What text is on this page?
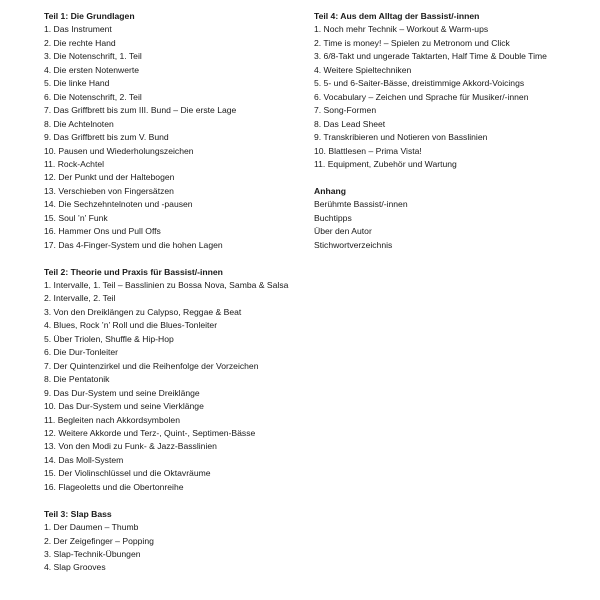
Teil 1: Die Grundlagen
1. Das Instrument
2. Die rechte Hand
3. Die Notenschrift, 1. Teil
4. Die ersten Notenwerte
5. Die linke Hand
6. Die Notenschrift, 2. Teil
7. Das Griffbrett bis zum III. Bund – Die erste Lage
8. Die Achtelnoten
9. Das Griffbrett bis zum V. Bund
10. Pausen und Wiederholungszeichen
11. Rock-Achtel
12. Der Punkt und der Haltebogen
13. Verschieben von Fingersätzen
14. Die Sechzehntelnoten und -pausen
15. Soul ’n’ Funk
16. Hammer Ons und Pull Offs
17. Das 4-Finger-System und die hohen Lagen
Teil 2: Theorie und Praxis für Bassist/-innen
1. Intervalle, 1. Teil – Basslinien zu Bossa Nova, Samba & Salsa
2. Intervalle, 2. Teil
3. Von den Dreiklängen zu Calypso, Reggae & Beat
4. Blues, Rock ’n’ Roll und die Blues-Tonleiter
5. Über Triolen, Shuffle & Hip-Hop
6. Die Dur-Tonleiter
7. Der Quintenzirkel und die Reihenfolge der Vorzeichen
8. Die Pentatonik
9. Das Dur-System und seine Dreiklänge
10. Das Dur-System und seine Vierklänge
11. Begleiten nach Akkordsymbolen
12. Weitere Akkorde und Terz-, Quint-, Septimen-Bässe
13. Von den Modi zu Funk- & Jazz-Basslinien
14. Das Moll-System
15. Der Violinschlüssel und die Oktavräume
16. Flageoletts und die Obertonreihe
Teil 3: Slap Bass
1. Der Daumen – Thumb
2. Der Zeigefinger – Popping
3. Slap-Technik-Übungen
4. Slap Grooves
Teil 4: Aus dem Alltag der Bassist/-innen
1. Noch mehr Technik – Workout & Warm-ups
2. Time is money! – Spielen zu Metronom und Click
3. 6/8-Takt und ungerade Taktarten, Half Time & Double Time
4. Weitere Spieltechniken
5. 5- und 6-Saiter-Bässe, dreistimmige Akkord-Voicings
6. Vocabulary – Zeichen und Sprache für Musiker/-innen
7. Song-Formen
8. Das Lead Sheet
9. Transkribieren und Notieren von Basslinien
10. Blattlesen – Prima Vista!
11. Equipment, Zubehör und Wartung
Anhang
Berühmte Bassist/-innen
Buchtipps
Über den Autor
Stichwortverzeichnis
